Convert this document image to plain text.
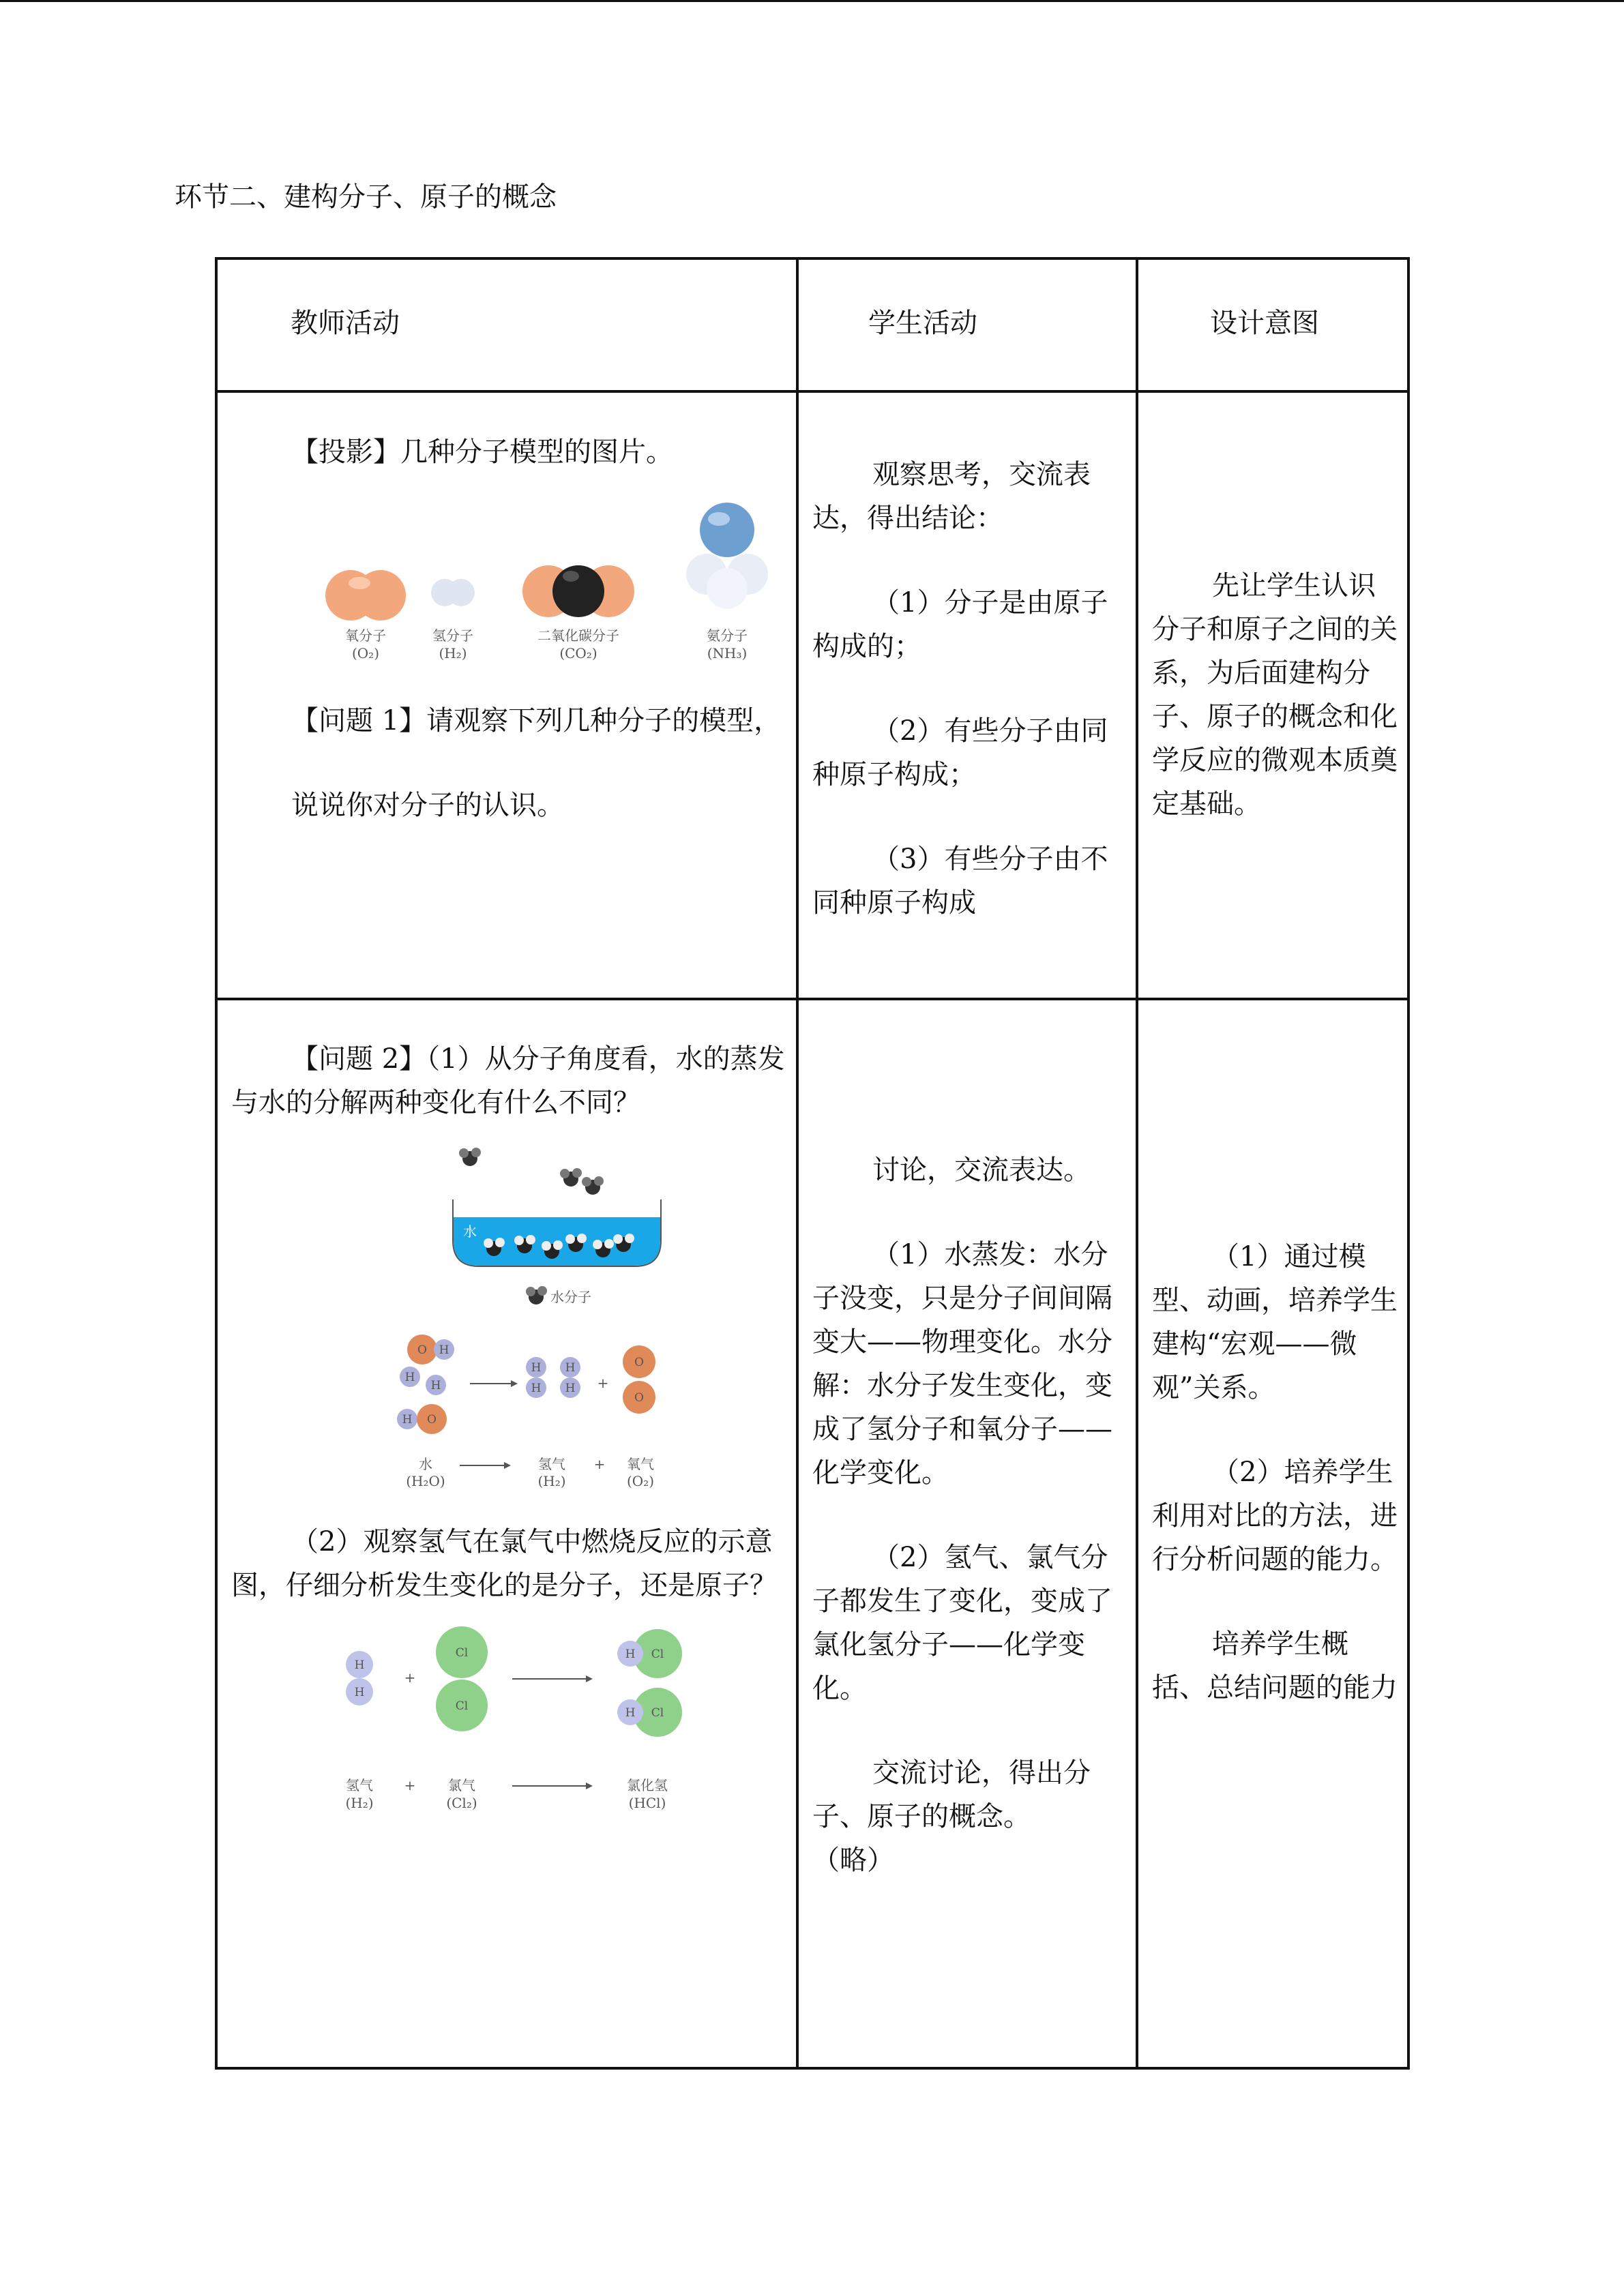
环节二、建构分子、原子的概念
教师活动	学生活动	设计意图

【投影】几种分子模型的图片。

氧分子
(O₂)
氢分子
(H₂)
二氧化碳分子
(CO₂)
氨分子
(NH₃)

【问题 1】请观察下列几种分子的模型，

说说你对分子的认识。

观察思考，交流表达，得出结论：

（1）分子是由原子构成的；

（2）有些分子由同种原子构成；

（3）有些分子由不同种原子构成

先让学生认识分子和原子之间的关系，为后面建构分子、原子的概念和化学反应的微观本质奠定基础。

【问题 2】（1）从分子角度看，水的蒸发与水的分解两种变化有什么不同？

水
水分子
O
O
H
H
H
H
H
H
H
H +
O
O
水
(H₂O)
氢气
(H₂)
+ 氧气
(O₂)

（2）观察氢气在氯气中燃烧反应的示意图，仔细分析发生变化的是分子，还是原子？

H
H
+
Cl
Cl
H Cl
H Cl
氢气
(H₂)
+ 氯气
(Cl₂)
氯化氢
(HCl)

讨论，交流表达。

（1）水蒸发：水分子没变，只是分子间间隔变大——物理变化。水分解：水分子发生变化，变成了氢分子和氧分子——化学变化。

（2）氢气、氯气分子都发生了变化，变成了氯化氢分子——化学变化。

交流讨论，得出分子、原子的概念。

（略）

（1）通过模型、动画，培养学生建构“宏观——微观”关系。

（2）培养学生利用对比的方法，进行分析问题的能力。

培养学生概括、总结问题的能力
